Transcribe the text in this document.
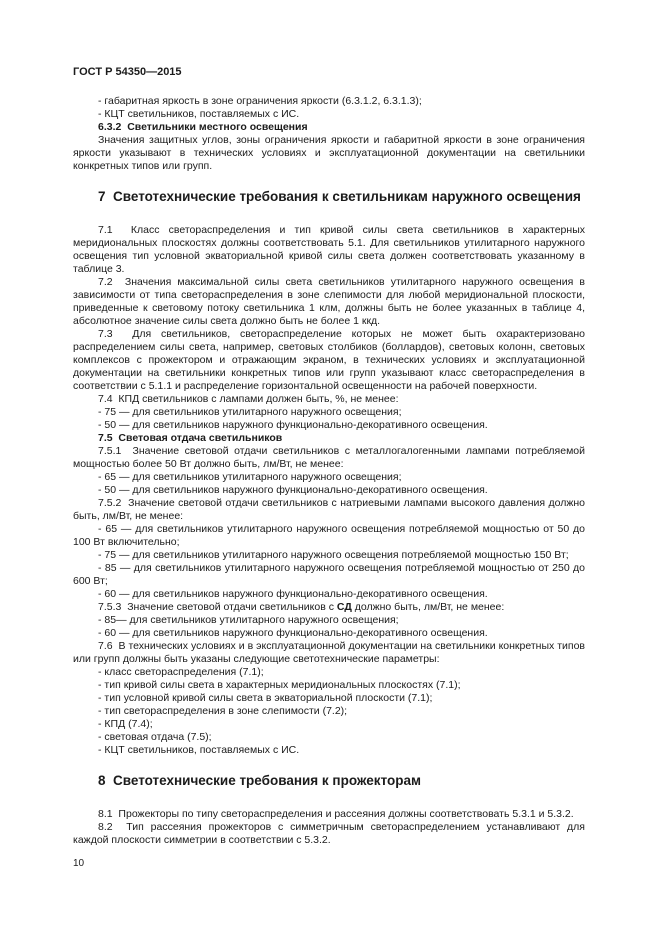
ГОСТ Р 54350—2015

- габаритная яркость в зоне ограничения яркости (6.3.1.2, 6.3.1.3);

- КЦТ светильников, поставляемых с ИС.

6.3.2  Светильники местного освещения

Значения защитных углов, зоны ограничения яркости и габаритной яркости в зоне ограничения яркости указывают в технических условиях и эксплуатационной документации на светильники конкретных типов или групп.

7  Светотехнические требования к светильникам наружного освещения

7.1  Класс светораспределения и тип кривой силы света светильников в характерных меридиональных плоскостях должны соответствовать 5.1. Для светильников утилитарного наружного освещения тип условной экваториальной кривой силы света должен соответствовать указанному в таблице 3.

7.2  Значения максимальной силы света светильников утилитарного наружного освещения в зависимости от типа светораспределения в зоне слепимости для любой меридиональной плоскости, приведенные к световому потоку светильника 1 клм, должны быть не более указанных в таблице 4, абсолютное значение силы света должно быть не более 1 ккд.

7.3  Для светильников, светораспределение которых не может быть охарактеризовано распределением силы света, например, световых столбиков (боллардов), световых колонн, световых комплексов с прожектором и отражающим экраном, в технических условиях и эксплуатационной документации на светильники конкретных типов или групп указывают класс светораспределения в соответствии с 5.1.1 и распределение горизонтальной освещенности на рабочей поверхности.

7.4  КПД светильников с лампами должен быть, %, не менее:

- 75 — для светильников утилитарного наружного освещения;

- 50 — для светильников наружного функционально-декоративного освещения.

7.5  Световая отдача светильников

7.5.1  Значение световой отдачи светильников с металлогалогенными лампами потребляемой мощностью более 50 Вт должно быть, лм/Вт, не менее:

- 65 — для светильников утилитарного наружного освещения;

- 50 — для светильников наружного функционально-декоративного освещения.

7.5.2  Значение световой отдачи светильников с натриевыми лампами высокого давления должно быть, лм/Вт, не менее:

- 65 — для светильников утилитарного наружного освещения потребляемой мощностью от 50 до 100 Вт включительно;

- 75 — для светильников утилитарного наружного освещения потребляемой мощностью 150 Вт;

- 85 — для светильников утилитарного наружного освещения потребляемой мощностью от 250 до 600 Вт;

- 60 — для светильников наружного функционально-декоративного освещения.

7.5.3  Значение световой отдачи светильников с СД должно быть, лм/Вт, не менее:

- 85— для светильников утилитарного наружного освещения;

- 60 — для светильников наружного функционально-декоративного освещения.

7.6  В технических условиях и в эксплуатационной документации на светильники конкретных типов или групп должны быть указаны следующие светотехнические параметры:

- класс светораспределения (7.1);

- тип кривой силы света в характерных меридиональных плоскостях (7.1);

- тип условной кривой силы света в экваториальной плоскости (7.1);

- тип светораспределения в зоне слепимости (7.2);

- КПД (7.4);

- световая отдача (7.5);

- КЦТ светильников, поставляемых с ИС.

8  Светотехнические требования к прожекторам

8.1  Прожекторы по типу светораспределения и рассеяния должны соответствовать 5.3.1 и 5.3.2.

8.2  Тип рассеяния прожекторов с симметричным светораспределением устанавливают для каждой плоскости симметрии в соответствии с 5.3.2.

10
